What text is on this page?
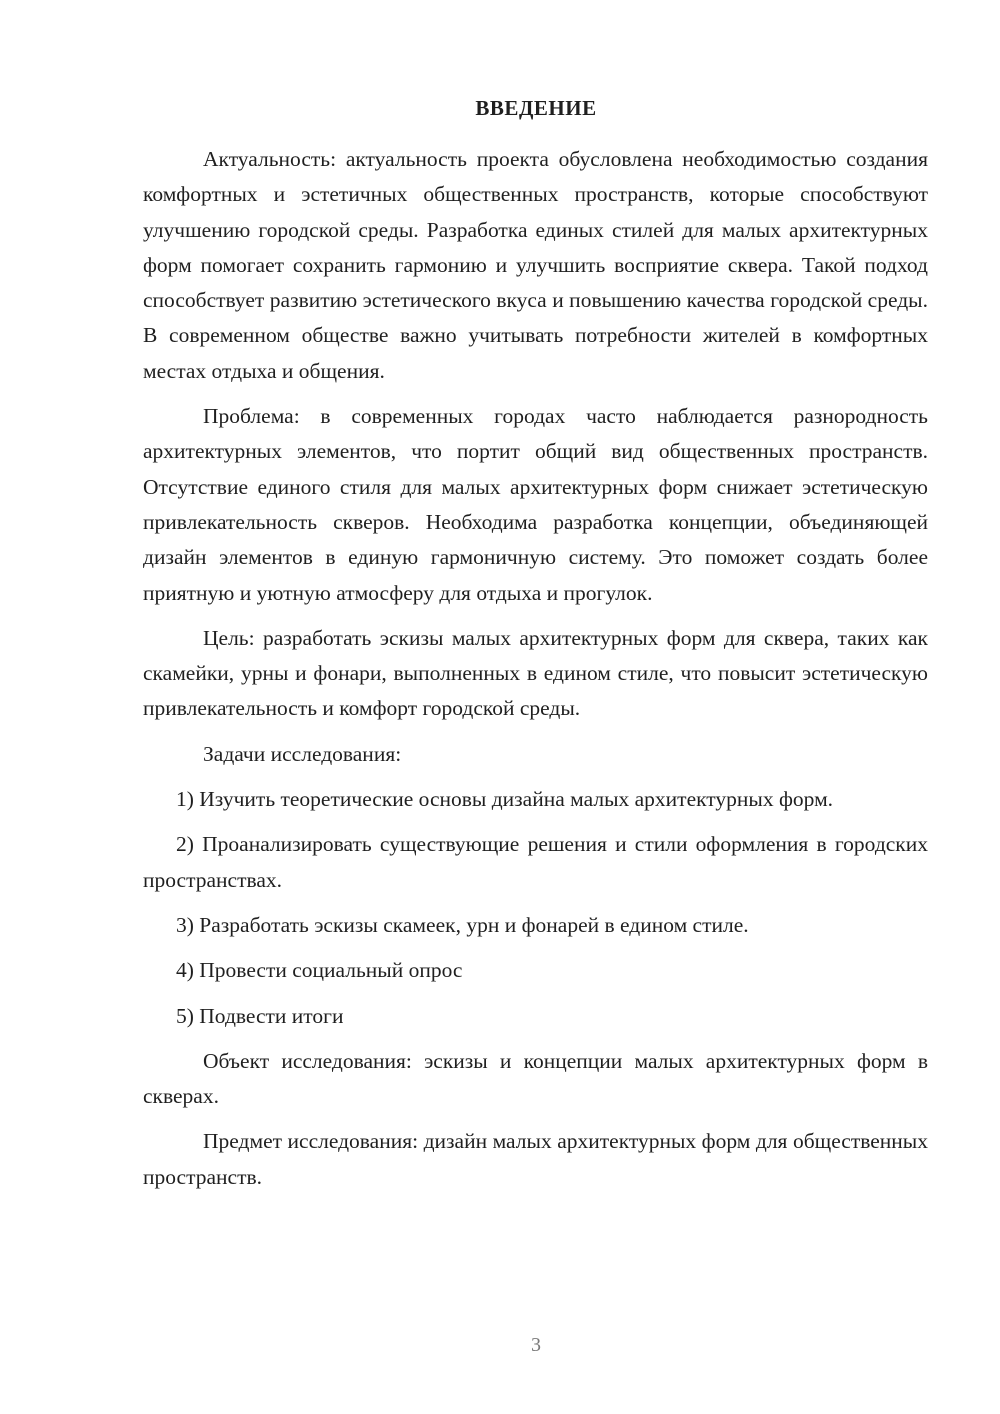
ВВЕДЕНИЕ

Актуальность: актуальность проекта обусловлена необходимостью создания комфортных и эстетичных общественных пространств, которые способствуют улучшению городской среды. Разработка единых стилей для малых архитектурных форм помогает сохранить гармонию и улучшить восприятие сквера. Такой подход способствует развитию эстетического вкуса и повышению качества городской среды. В современном обществе важно учитывать потребности жителей в комфортных местах отдыха и общения.

Проблема: в современных городах часто наблюдается разнородность архитектурных элементов, что портит общий вид общественных пространств. Отсутствие единого стиля для малых архитектурных форм снижает эстетическую привлекательность скверов. Необходима разработка концепции, объединяющей дизайн элементов в единую гармоничную систему. Это поможет создать более приятную и уютную атмосферу для отдыха и прогулок.

Цель: разработать эскизы малых архитектурных форм для сквера, таких как скамейки, урны и фонари, выполненных в едином стиле, что повысит эстетическую привлекательность и комфорт городской среды.

Задачи исследования:

1) Изучить теоретические основы дизайна малых архитектурных форм.

2) Проанализировать существующие решения и стили оформления в городских пространствах.

3) Разработать эскизы скамеек, урн и фонарей в едином стиле.

4) Провести социальный опрос

5) Подвести итоги

Объект исследования: эскизы и концепции малых архитектурных форм в скверах.

Предмет исследования: дизайн малых архитектурных форм для общественных пространств.

3
